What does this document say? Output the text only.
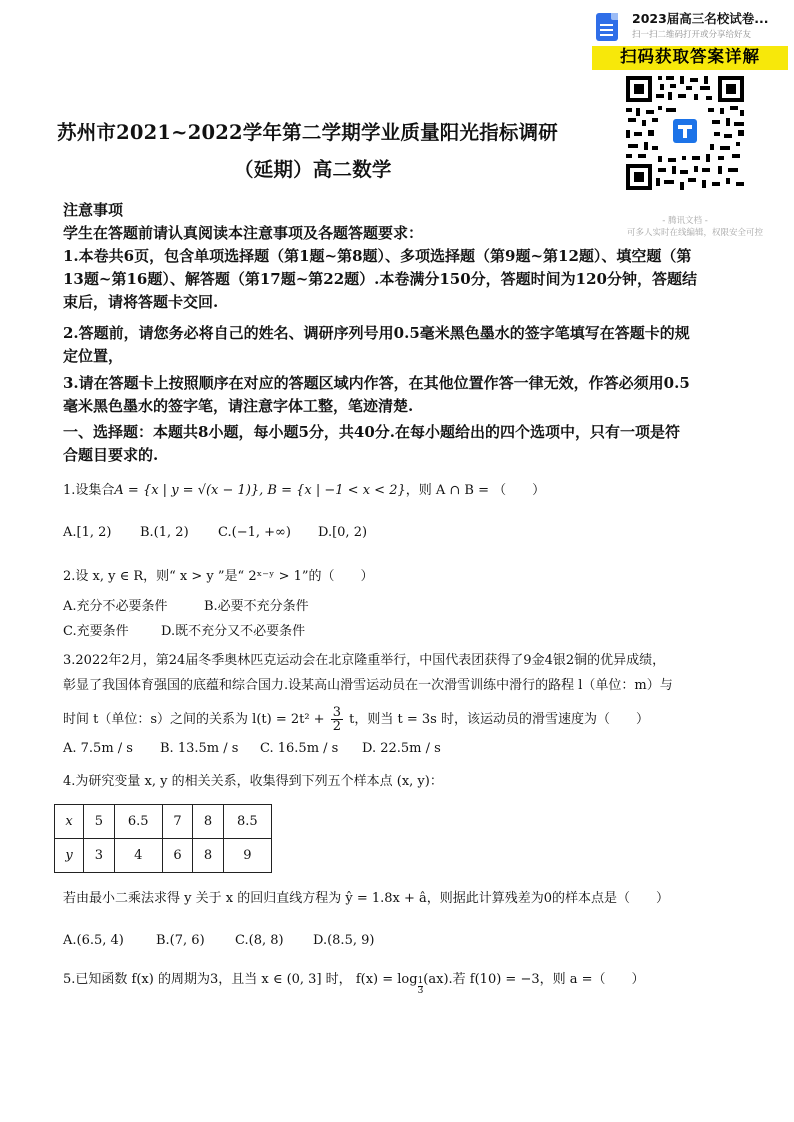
2023届高三名校试卷...
扫一扫二维码打开或分享给好友
扫码获取答案详解
- 腾讯文档 -
可多人实时在线编辑，权限安全可控
苏州市2021~2022学年第二学期学业质量阳光指标调研
（延期）高二数学
注意事项
学生在答题前请认真阅读本注意事项及各题答题要求：
1.本卷共6页，包含单项选择题（第1题~第8题）、多项选择题（第9题~第12题）、填空题（第
13题~第16题）、解答题（第17题~第22题）.本卷满分150分，答题时间为120分钟，答题结
束后，请将答题卡交回.
2.答题前，请您务必将自己的姓名、调研序列号用0.5毫米黑色墨水的签字笔填写在答题卡的规
定位置，
3.请在答题卡上按照顺序在对应的答题区域内作答，在其他位置作答一律无效，作答必须用0.5
毫米黑色墨水的签字笔，请注意字体工整，笔迹清楚.
一、选择题：本题共8小题，每小题5分，共40分.在每小题给出的四个选项中，只有一项是符
合题目要求的.
1.设集合A = {x | y = √(x − 1)}, B = {x | −1 < x < 2}，则 A ∩ B = （　　）
A.[1, 2) B.(1, 2) C.(−1, +∞) D.[0, 2)
2.设 x, y ∈ R，则“ x > y ”是“ 2ˣ⁻ʸ > 1”的（　　）
A.充分不必要条件	B.必要不充分条件
C.充要条件 D.既不充分又不必要条件
3.2022年2月，第24届冬季奥林匹克运动会在北京隆重举行，中国代表团获得了9金4银2铜的优异成绩，
彰显了我国体育强国的底蕴和综合国力.设某高山滑雪运动员在一次滑雪训练中滑行的路程 l（单位：m）与
时间 t（单位：s）之间的关系为 $l(t) = 2t^2 + \frac{3}{2}$ t，则当 t = 3s 时，该运动员的滑雪速度为（　　）
A. 7.5m / s B. 13.5m / s C. 16.5m / s D. 22.5m / s
4.为研究变量 x, y 的相关关系，收集得到下列五个样本点 (x, y)：
x	5	6.5	7	8	8.5
y	3	4	6	8	9
若由最小二乘法求得 y 关于 x 的回归直线方程为 ŷ = 1.8x + â，则据此计算残差为0的样本点是（　　）
A.(6.5, 4) B.(7, 6) C.(8, 8) D.(8.5, 9)
5.已知函数 f(x) 的周期为3，且当 x ∈ (0, 3] 时， $f(x) = \log \frac{1}{3} (ax)$.若 f(10) = −3，则 a =（　　）
